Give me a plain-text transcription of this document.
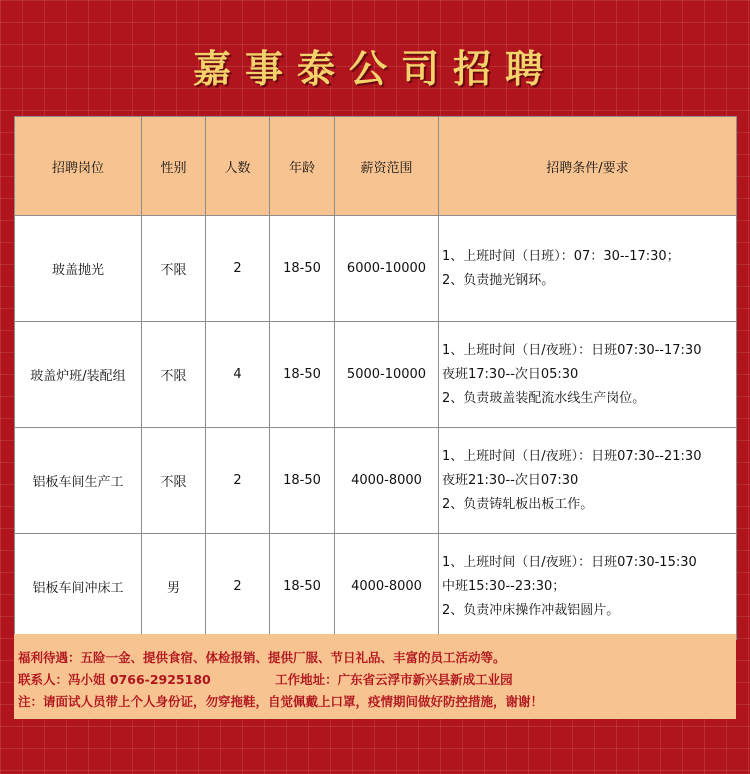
嘉事泰公司招聘
招聘岗位	性别	人数	年龄	薪资范围	招聘条件/要求
玻盖抛光	不限	2	18-50	6000-10000	1、上班时间（日班）：07：30--17:30；
2、负责抛光钢环。

玻盖炉班/装配组	不限	4	18-50	5000-10000	1、上班时间（日/夜班）：日班07:30--17:30
夜班17:30--次日05:30
2、负责玻盖装配流水线生产岗位。

铝板车间生产工	不限	2	18-50	4000-8000	1、上班时间（日/夜班）：日班07:30--21:30
夜班21:30--次日07:30
2、负责铸轧板出板工作。

铝板车间冲床工	男	2	18-50	4000-8000	1、上班时间（日/夜班）：日班07:30-15:30
中班15:30--23:30；
2、负责冲床操作冲裁铝圆片。
福利待遇：五险一金、提供食宿、体检报销、提供厂服、节日礼品、丰富的员工活动等。
联系人：冯小姐 0766-2925180	工作地址：广东省云浮市新兴县新成工业园
注：请面试人员带上个人身份证，勿穿拖鞋，自觉佩戴上口罩，疫情期间做好防控措施，谢谢！
